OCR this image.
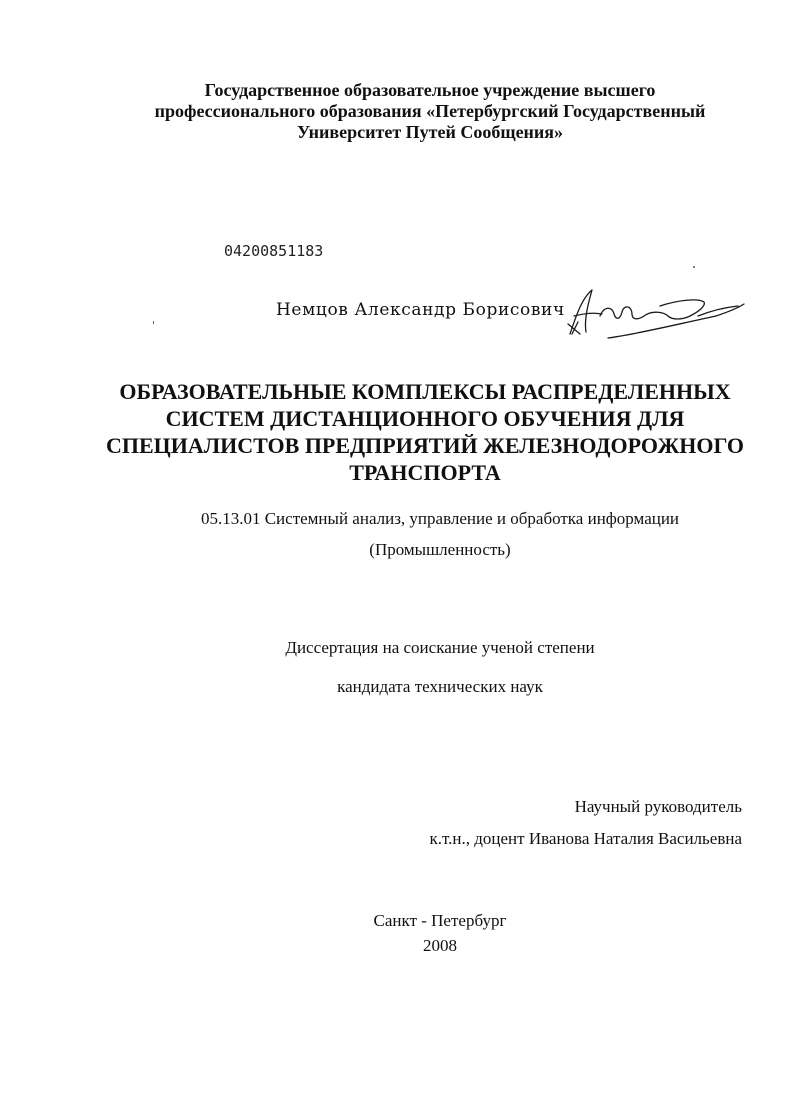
Государственное образовательное учреждение высшего
профессионального образования «Петербургский Государственный
Университет Путей Сообщения»
04200851183
Немцов Александр Борисович
ОБРАЗОВАТЕЛЬНЫЕ КОМПЛЕКСЫ РАСПРЕДЕЛЕННЫХ
СИСТЕМ ДИСТАНЦИОННОГО ОБУЧЕНИЯ ДЛЯ
СПЕЦИАЛИСТОВ ПРЕДПРИЯТИЙ ЖЕЛЕЗНОДОРОЖНОГО
ТРАНСПОРТА
05.13.01 Системный анализ, управление и обработка информации
(Промышленность)
Диссертация на соискание ученой степени
кандидата технических наук
Научный руководитель
к.т.н., доцент Иванова Наталия Васильевна
Санкт - Петербург
2008
